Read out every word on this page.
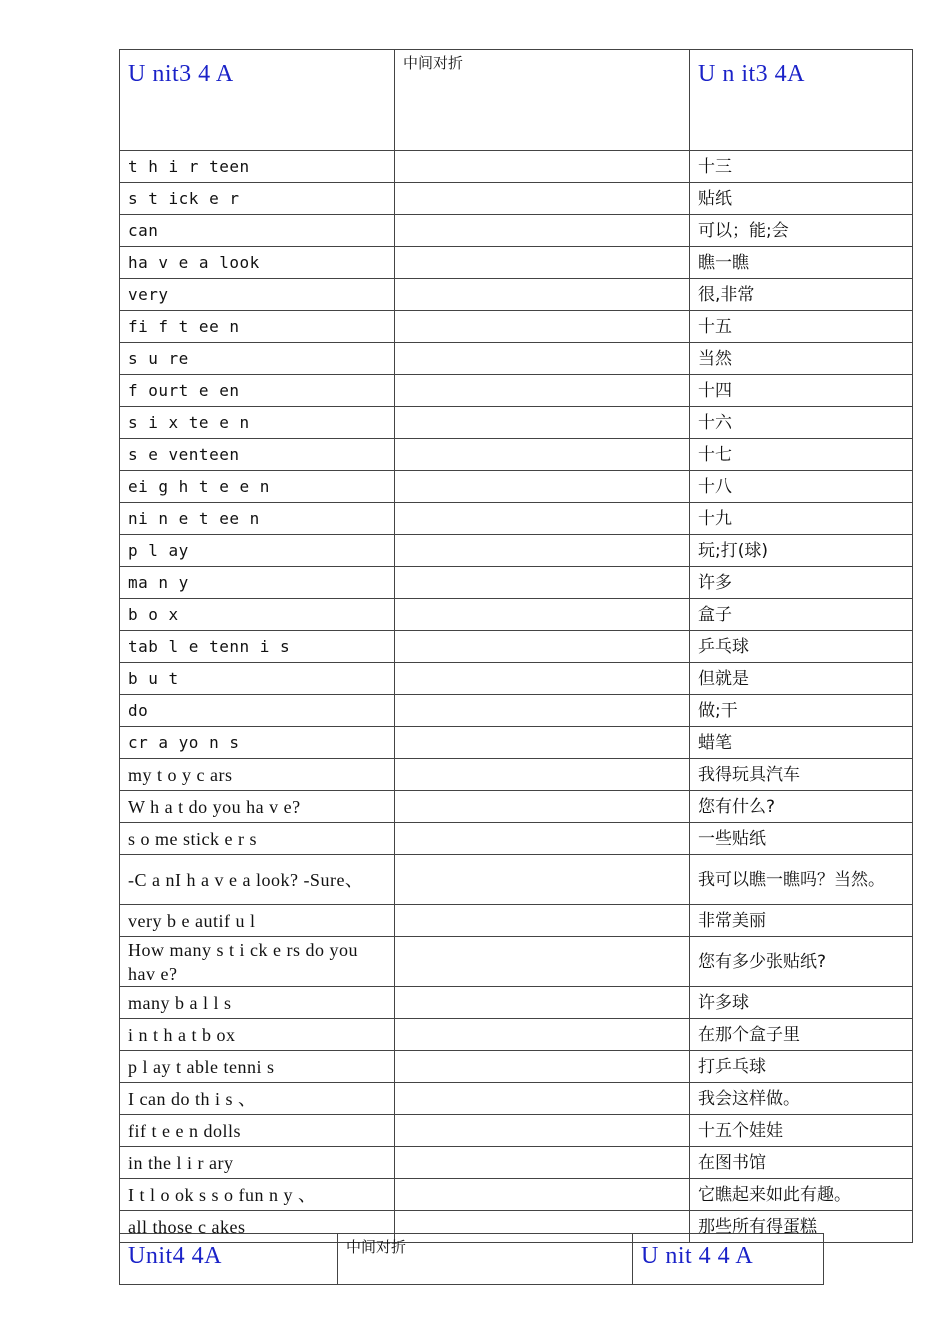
U nit3 4 A	中间对折	U n it3 4A

t h i r teen		十三
s t ick e r		贴纸
can		可以；能;会
ha v e a look		瞧一瞧
very		很,非常
fi f t ee n		十五
s u re		当然
f ourt e en		十四
s i x te e n		十六
s e venteen		十七
ei g h t e e n		十八
ni n e t ee n		十九
p l ay		玩;打(球)
ma n y		许多
b o x		盒子
tab l e tenn i s		乒乓球
b u t		但就是
do		做;干
cr a yo n s		蜡笔
my t o y c ars		我得玩具汽车
W h a t do you ha v e?		您有什么?
s o me stick e r s		一些贴纸
-C a nI h a v e a look? -Sure、		我可以瞧一瞧吗？当然。
very b e autif u l		非常美丽
How many s t i ck e rs do you hav e?		您有多少张贴纸?
many b a l l s		许多球
i n t h a t b ox		在那个盒子里
p l ay t able tenni s		打乒乓球
I can do th i s 、		我会这样做。
fif t e e n dolls		十五个娃娃
in the l i r ary		在图书馆
I t l o ok s s o fun n y 、		它瞧起来如此有趣。
all those c akes		那些所有得蛋糕
Unit4 4A	中间对折	U nit 4 4 A
